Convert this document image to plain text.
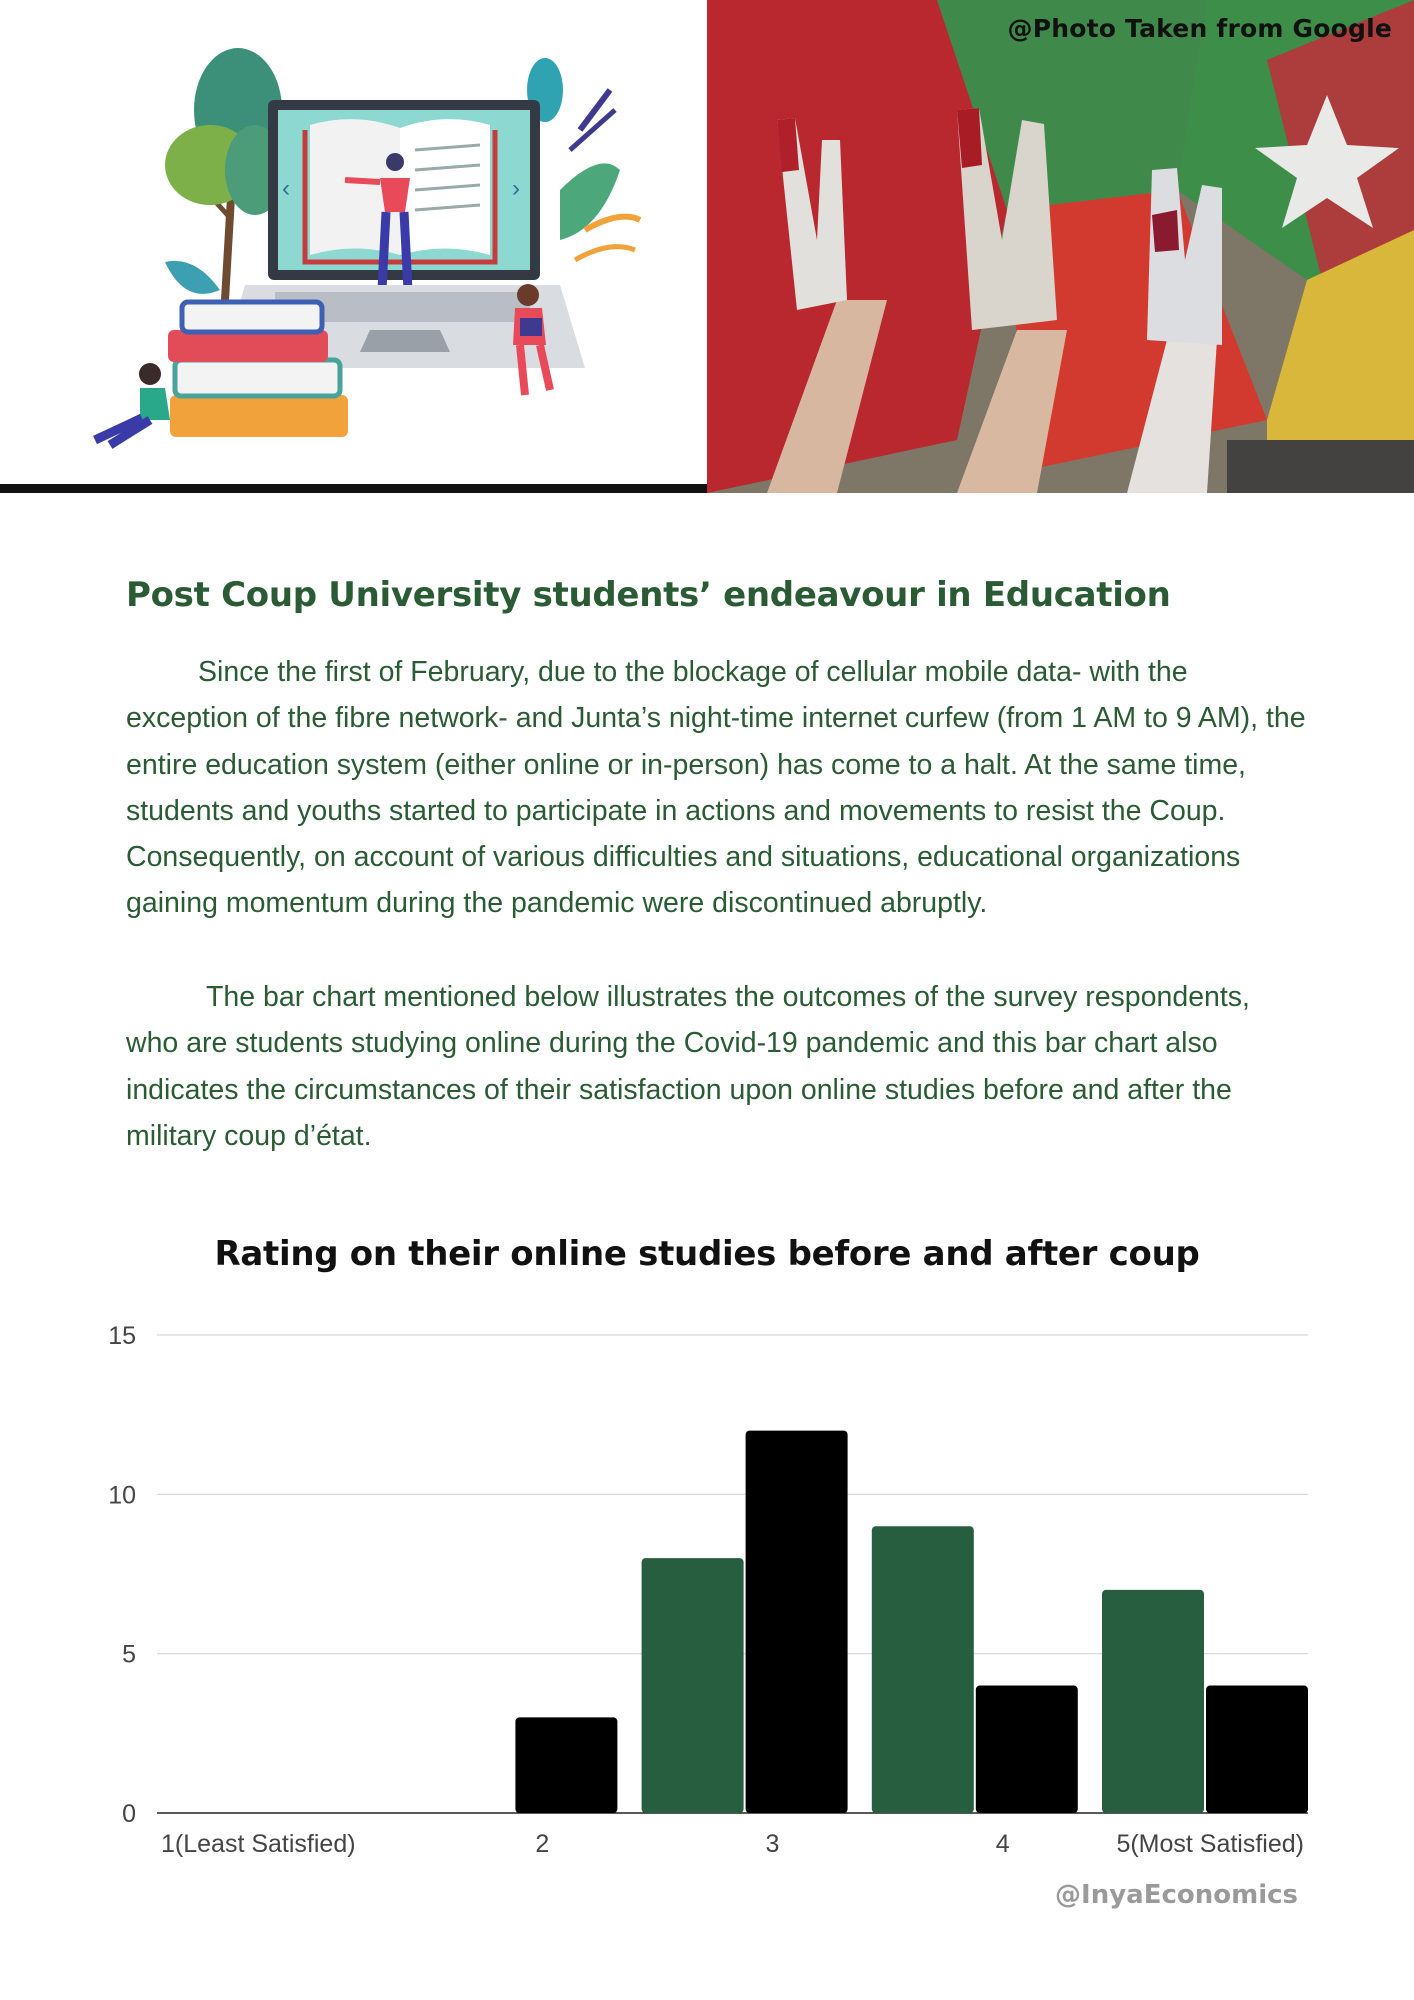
‹	›
@Photo Taken from Google
Post Coup University students’ endeavour in Education

Since the first of February, due to the blockage of cellular mobile data- with the exception of the fibre network- and Junta’s night-time internet curfew (from 1 AM to 9 AM), the entire education system (either online or in-person) has come to a halt. At the same time, students and youths started to participate in actions and movements to resist the Coup. Consequently, on account of various difficulties and situations, educational organizations gaining momentum during the pandemic were discontinued abruptly.

The bar chart mentioned below illustrates the outcomes of the survey respondents, who are students studying online during the Covid-19 pandemic and this bar chart also indicates the circumstances of their satisfaction upon online studies before and after the military coup d’état.

Rating on their online studies before and after coup
0
5
10
15
1(Least Satisfied)	2	3	4	5(Most Satisfied)
@InyaEconomics
